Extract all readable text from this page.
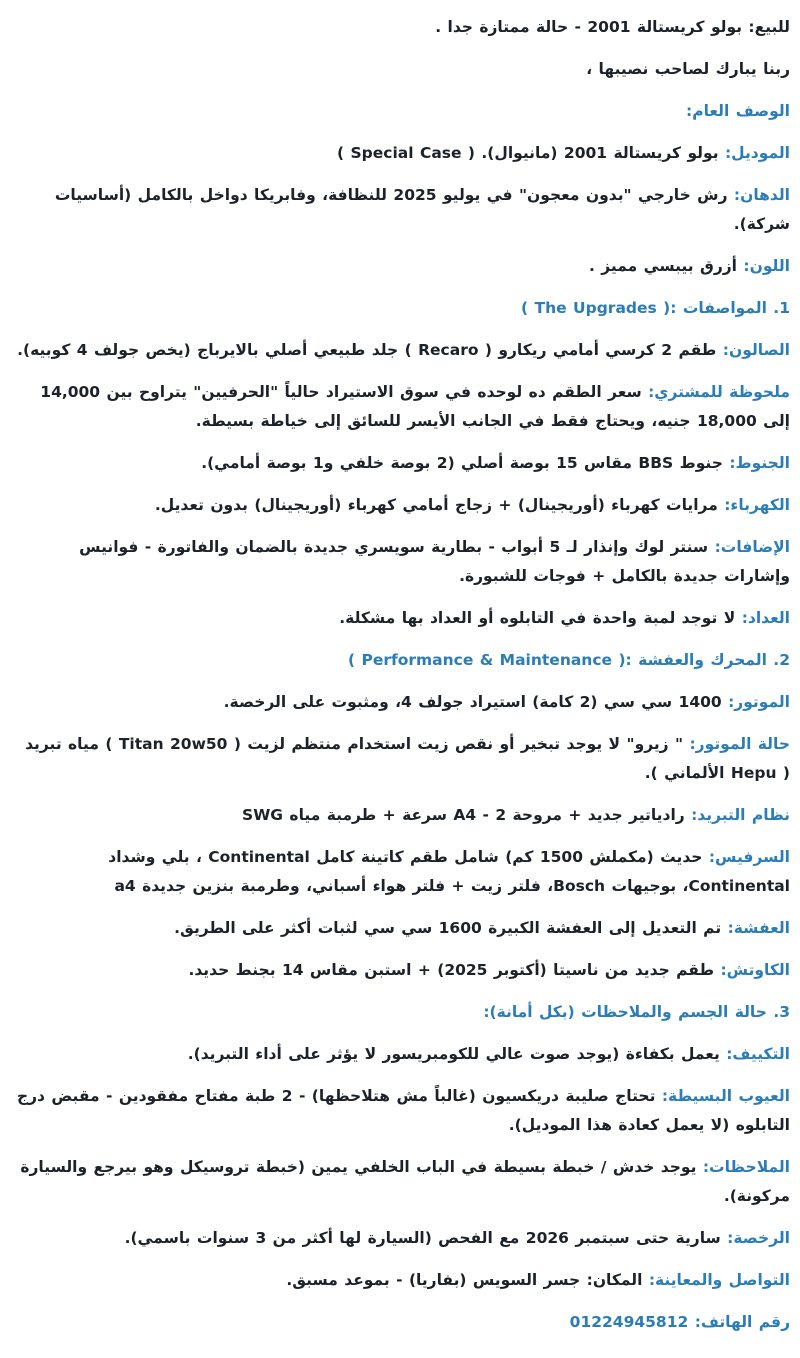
للبيع: بولو كريستالة 2001 - حالة ممتازة جدا .

ربنا يبارك لصاحب نصيبها ،

الوصف العام:

الموديل: بولو كريستالة 2001 (مانيوال). ( Special Case )

الدهان: رش خارجي "بدون معجون" في يوليو 2025 للنظافة، وفابريكا دواخل بالكامل (أساسيات شركة).

اللون: أزرق بيبسي مميز .

1. المواصفات :( The Upgrades )

الصالون: طقم 2 كرسي أمامي ريكارو ( Recaro ) جلد طبيعي أصلي بالايرباج (يخص جولف 4 كوبيه).

ملحوظة للمشتري: سعر الطقم ده لوحده في سوق الاستيراد حالياً "الحرفيين" يتراوح بين 14,000 إلى 18,000 جنيه، ويحتاج فقط في الجانب الأيسر للسائق إلى خياطة بسيطة.

الجنوط: جنوط BBS مقاس 15 بوصة أصلي (2 بوصة خلفي و1 بوصة أمامي).

الكهرباء: مرايات كهرباء (أوريجينال) + زجاج أمامي كهرباء (أوريجينال) بدون تعديل.

الإضافات: سنتر لوك وإنذار لـ 5 أبواب - بطارية سويسري جديدة بالضمان والفاتورة - فوانيس وإشارات جديدة بالكامل + فوجات للشبورة.

العداد: لا توجد لمبة واحدة في التابلوه أو العداد بها مشكلة.

2. المحرك والعفشة :( Performance & Maintenance )

الموتور: 1400 سي سي (2 كامة) استيراد جولف 4، ومثبوت على الرخصة.

حالة الموتور: " زيرو" لا يوجد تبخير أو نقص زيت استخدام منتظم لزيت ( Titan 20w50 ) مياه تبريد ( Hepu الألماني ).

نظام التبريد: رادياتير جديد + مروحة A4 - 2 سرعة + طرمبة مياه SWG

السرفيس: حديث (مكملش 1500 كم) شامل طقم كاتينة كامل Continental ، بلي وشداد Continental، بوجيهات Bosch، فلتر زيت + فلتر هواء أسباني، وطرمبة بنزين جديدة a4

العفشة: تم التعديل إلى العفشة الكبيرة 1600 سي سي لثبات أكثر على الطريق.

الكاوتش: طقم جديد من ناسيتا (أكتوبر 2025) + استبن مقاس 14 بجنط حديد.

3. حالة الجسم والملاحظات (بكل أمانة):

التكييف: يعمل بكفاءة (يوجد صوت عالي للكومبريسور لا يؤثر على أداء التبريد).

العيوب البسيطة: تحتاج صليبة دريكسيون (غالباً مش هتلاحظها) - 2 طبة مفتاح مفقودين - مقبض درج التابلوه (لا يعمل كعادة هذا الموديل).

الملاحظات: يوجد خدش / خبطة بسيطة في الباب الخلفي يمين (خبطة تروسيكل وهو بيرجع والسيارة مركونة).

الرخصة: سارية حتى سبتمبر 2026 مع الفحص (السيارة لها أكثر من 3 سنوات باسمي).

التواصل والمعاينة: المكان: جسر السويس (بفاريا) - بموعد مسبق.

رقم الهاتف: 01224945812
